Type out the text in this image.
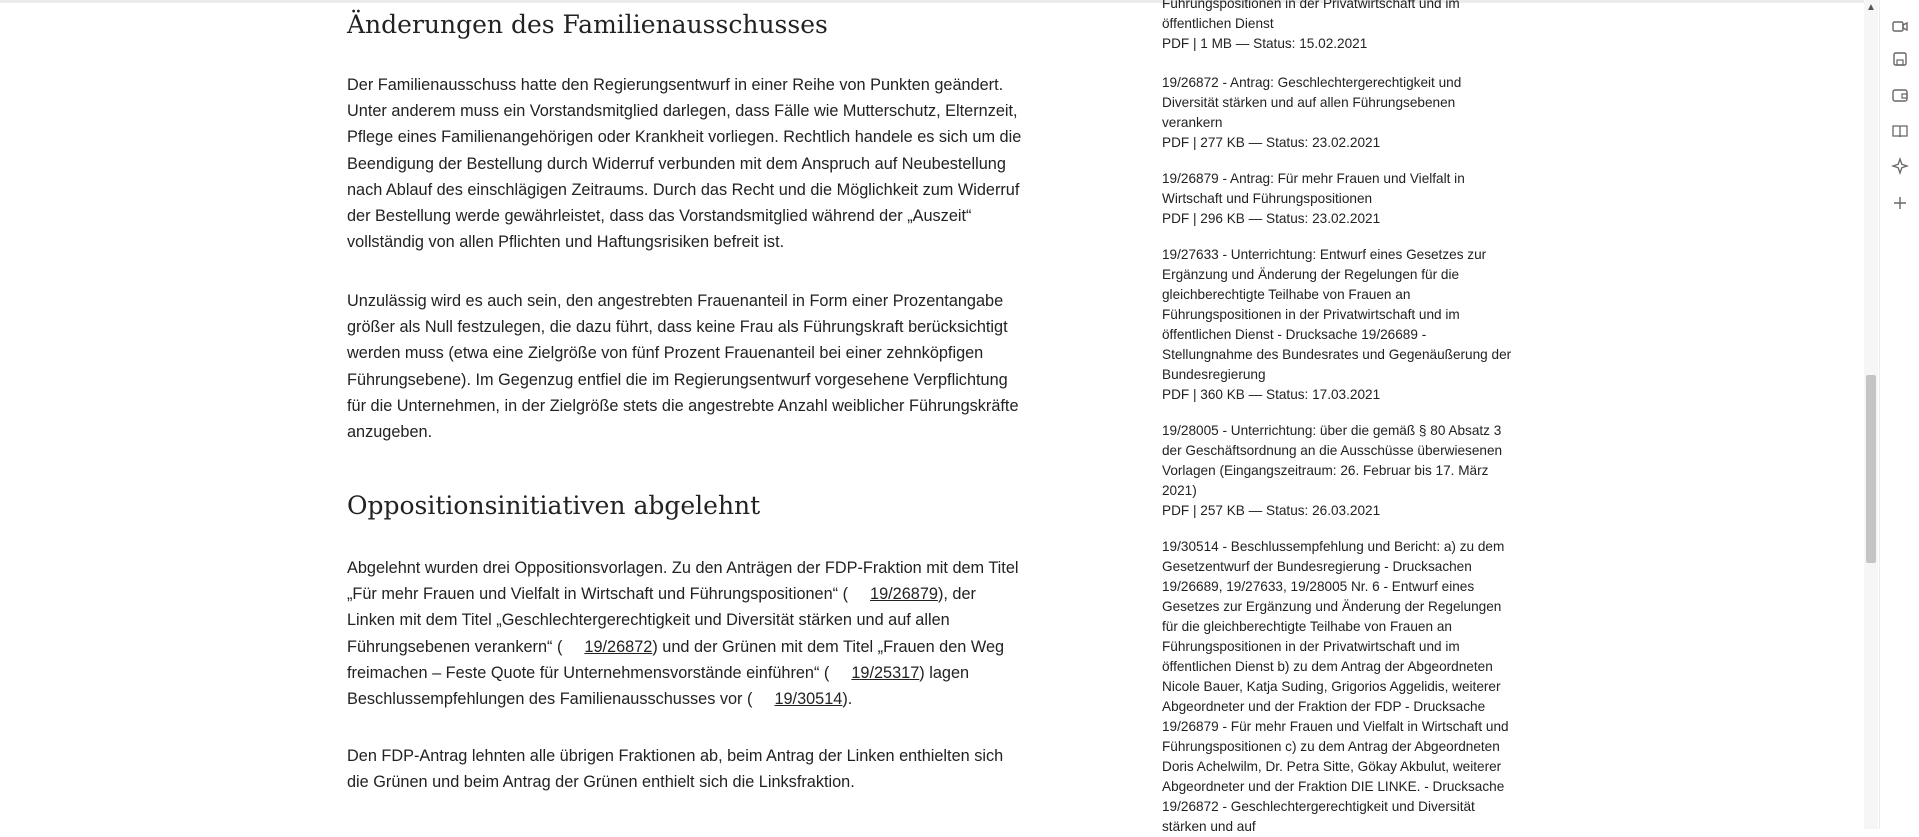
Änderungen des Familienausschusses

Der Familienausschuss hatte den Regierungsentwurf in einer Reihe von Punkten geändert. Unter anderem muss ein Vorstandsmitglied darlegen, dass Fälle wie Mutterschutz, Elternzeit, Pflege eines Familienangehörigen oder Krankheit vorliegen. Rechtlich handele es sich um die Beendigung der Bestellung durch Widerruf verbunden mit dem Anspruch auf Neubestellung nach Ablauf des einschlägigen Zeitraums. Durch das Recht und die Möglichkeit zum Widerruf der Bestellung werde gewährleistet, dass das Vorstandsmitglied während der „Auszeit“ vollständig von allen Pflichten und Haftungsrisiken befreit ist.

Unzulässig wird es auch sein, den angestrebten Frauenanteil in Form einer Prozentangabe größer als Null festzulegen, die dazu führt, dass keine Frau als Führungskraft berücksichtigt werden muss (etwa eine Zielgröße von fünf Prozent Frauenanteil bei einer zehnköpfigen Führungsebene). Im Gegenzug entfiel die im Regierungsentwurf vorgesehene Verpflichtung für die Unternehmen, in der Zielgröße stets die angestrebte Anzahl weiblicher Führungskräfte anzugeben.

Oppositionsinitiativen abgelehnt

Abgelehnt wurden drei Oppositionsvorlagen. Zu den Anträgen der FDP-Fraktion mit dem Titel „Für mehr Frauen und Vielfalt in Wirtschaft und Führungspositionen“ ( 19/26879), der Linken mit dem Titel „Geschlechtergerechtigkeit und Diversität stärken und auf allen Führungsebenen verankern“ ( 19/26872) und der Grünen mit dem Titel „Frauen den Weg freimachen – Feste Quote für Unternehmensvorstände einführen“ ( 19/25317) lagen Beschlussempfehlungen des Familienausschusses vor ( 19/30514).

Den FDP-Antrag lehnten alle übrigen Fraktionen ab, beim Antrag der Linken enthielten sich die Grünen und beim Antrag der Grünen enthielt sich die Linksfraktion.

Führungspositionen in der Privatwirtschaft und im öffentlichen Dienst
PDF | 1 MB — Status: 15.02.2021
19/26872 - Antrag: Geschlechtergerechtigkeit und Diversität stärken und auf allen Führungsebenen verankern
PDF | 277 KB — Status: 23.02.2021
19/26879 - Antrag: Für mehr Frauen und Vielfalt in Wirtschaft und Führungspositionen
PDF | 296 KB — Status: 23.02.2021
19/27633 - Unterrichtung: Entwurf eines Gesetzes zur Ergänzung und Änderung der Regelungen für die gleichberechtigte Teilhabe von Frauen an Führungspositionen in der Privatwirtschaft und im öffentlichen Dienst - Drucksache 19/26689 - Stellungnahme des Bundesrates und Gegenäußerung der Bundesregierung
PDF | 360 KB — Status: 17.03.2021
19/28005 - Unterrichtung: über die gemäß § 80 Absatz 3 der Geschäftsordnung an die Ausschüsse überwiesenen Vorlagen (Eingangszeitraum: 26. Februar bis 17. März 2021)
PDF | 257 KB — Status: 26.03.2021
19/30514 - Beschlussempfehlung und Bericht: a) zu dem Gesetzentwurf der Bundesregierung - Drucksachen 19/26689, 19/27633, 19/28005 Nr. 6 - Entwurf eines Gesetzes zur Ergänzung und Änderung der Regelungen für die gleichberechtigte Teilhabe von Frauen an Führungspositionen in der Privatwirtschaft und im öffentlichen Dienst b) zu dem Antrag der Abgeordneten Nicole Bauer, Katja Suding, Grigorios Aggelidis, weiterer Abgeordneter und der Fraktion der FDP - Drucksache 19/26879 - Für mehr Frauen und Vielfalt in Wirtschaft und Führungspositionen c) zu dem Antrag der Abgeordneten Doris Achelwilm, Dr. Petra Sitte, Gökay Akbulut, weiterer Abgeordneter und der Fraktion DIE LINKE. - Drucksache 19/26872 - Geschlechtergerechtigkeit und Diversität stärken und auf
▲
